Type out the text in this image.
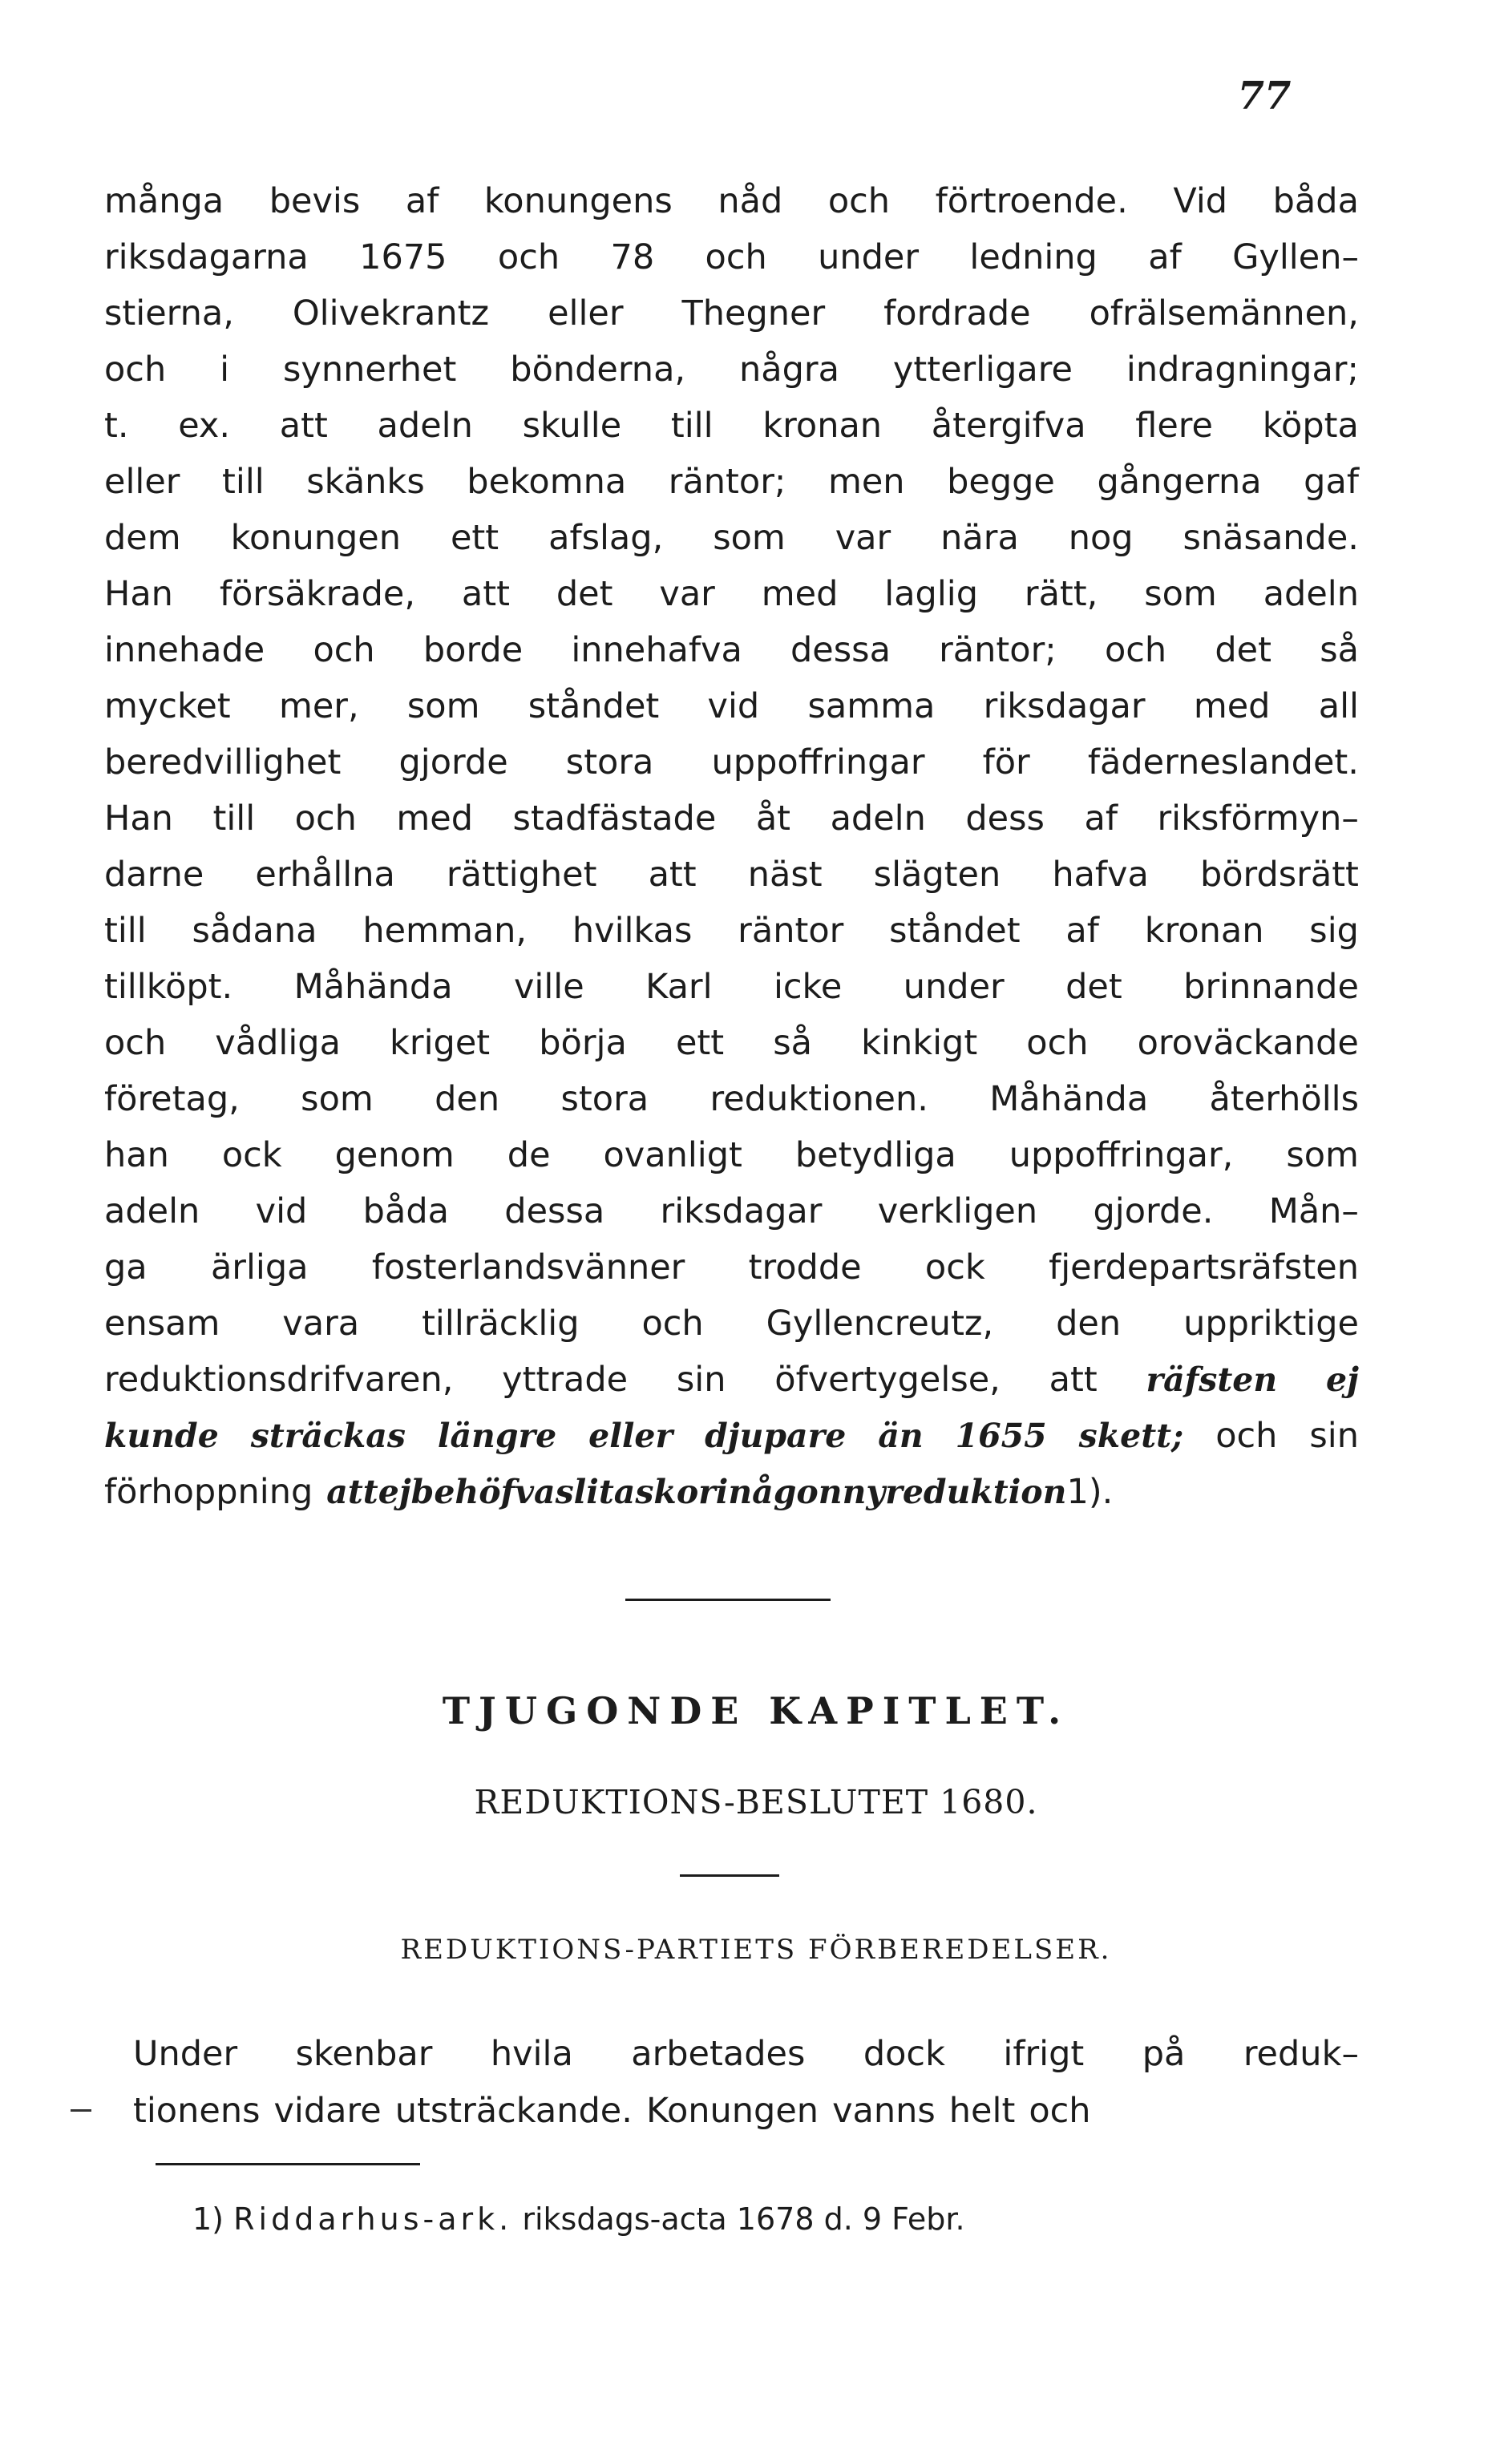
77
många bevis af konungens nåd och förtroende. Vid båda
riksdagarna 1675 och 78 och under ledning af Gyllen–
stierna, Olivekrantz eller Thegner fordrade ofrälsemännen,
och i synnerhet bönderna, några ytterligare indragningar;
t. ex. att adeln skulle till kronan återgifva flere köpta
eller till skänks bekomna räntor; men begge gångerna gaf
dem konungen ett afslag, som var nära nog snäsande.
Han försäkrade, att det var med laglig rätt, som adeln
innehade och borde innehafva dessa räntor; och det så
mycket mer, som ståndet vid samma riksdagar med all
beredvillighet gjorde stora uppoffringar för fäderneslandet.
Han till och med stadfästade åt adeln dess af riksförmyn–
darne erhållna rättighet att näst slägten hafva bördsrätt
till sådana hemman, hvilkas räntor ståndet af kronan sig
tillköpt. Måhända ville Karl icke under det brinnande
och vådliga kriget börja ett så kinkigt och oroväckande
företag, som den stora reduktionen. Måhända återhölls
han ock genom de ovanligt betydliga uppoffringar, som
adeln vid båda dessa riksdagar verkligen gjorde. Mån–
ga ärliga fosterlandsvänner trodde ock fjerdepartsräfsten
ensam vara tillräcklig och Gyllencreutz, den uppriktige
reduktionsdrifvaren, yttrade sin öfvertygelse, att räfsten ej
kunde sträckas längre eller djupare än 1655 skett; och sin
förhoppning att ej behöfva slita skor i någon ny reduktion 1).
TJUGONDE KAPITLET.
REDUKTIONS-BESLUTET 1680.
REDUKTIONS-PARTIETS FÖRBEREDELSER.
Under skenbar hvila arbetades dock ifrigt på reduk–
tionens vidare utsträckande. Konungen vanns helt och
1) Riddarhus-ark. riksdags-acta 1678 d. 9 Febr.
